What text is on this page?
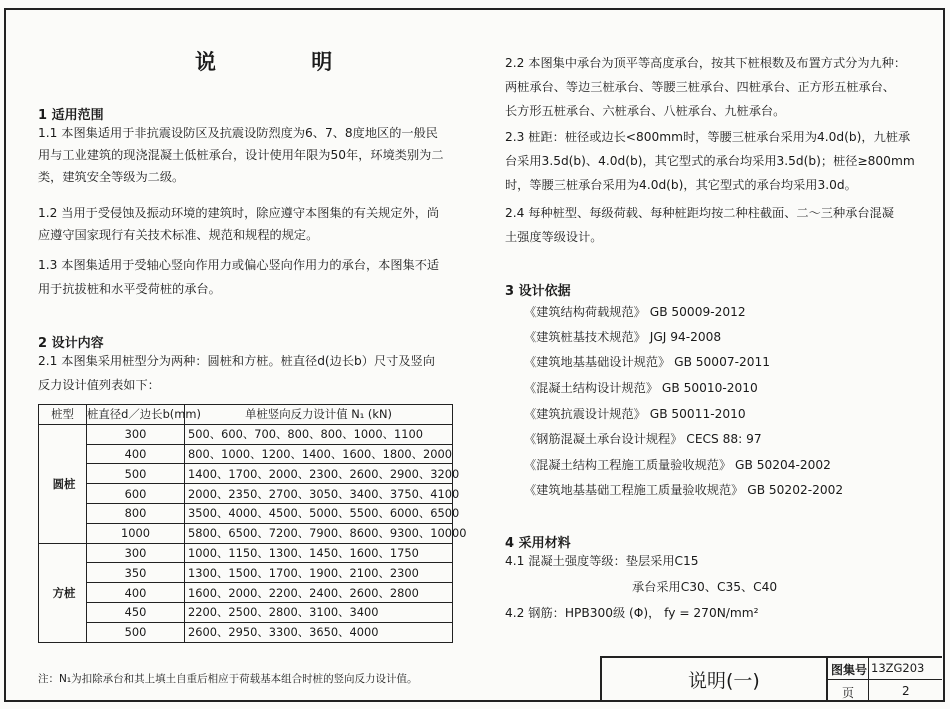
说 明
1 适用范围
1.1 本图集适用于非抗震设防区及抗震设防烈度为6、7、8度地区的一般民
用与工业建筑的现浇混凝土低桩承台，设计使用年限为50年，环境类别为二
类，建筑安全等级为二级。
1.2 当用于受侵蚀及振动环境的建筑时，除应遵守本图集的有关规定外，尚
应遵守国家现行有关技术标准、规范和规程的规定。
1.3 本图集适用于受轴心竖向作用力或偏心竖向作用力的承台，本图集不适
用于抗拔桩和水平受荷桩的承台。
2 设计内容
2.1 本图集采用桩型分为两种：圆桩和方桩。桩直径d(边长b）尺寸及竖向
反力设计值列表如下：
桩型	桩直径d／边长b(mm)	单桩竖向反力设计值 N₁ (kN)
圆桩	300	500、600、700、800、800、1000、1100
	400	800、1000、1200、1400、1600、1800、2000
	500	1400、1700、2000、2300、2600、2900、3200
	600	2000、2350、2700、3050、3400、3750、4100
	800	3500、4000、4500、5000、5500、6000、6500
	1000	5800、6500、7200、7900、8600、9300、10000
方桩	300	1000、1150、1300、1450、1600、1750
	350	1300、1500、1700、1900、2100、2300
	400	1600、2000、2200、2400、2600、2800
	450	2200、2500、2800、3100、3400
	500	2600、2950、3300、3650、4000
注：N₁为扣除承台和其上填土自重后相应于荷载基本组合时桩的竖向反力设计值。
2.2 本图集中承台为顶平等高度承台，按其下桩根数及布置方式分为九种：
两桩承台、等边三桩承台、等腰三桩承台、四桩承台、正方形五桩承台、
长方形五桩承台、六桩承台、八桩承台、九桩承台。
2.3 桩距：桩径或边长<800mm时，等腰三桩承台采用为4.0d(b)，九桩承
台采用3.5d(b)、4.0d(b)，其它型式的承台均采用3.5d(b)；桩径≥800mm
时，等腰三桩承台采用为4.0d(b)，其它型式的承台均采用3.0d。
2.4 每种桩型、每级荷载、每种桩距均按二种柱截面、二～三种承台混凝
土强度等级设计。
3 设计依据
《建筑结构荷载规范》 GB 50009-2012
《建筑桩基技术规范》 JGJ 94-2008
《建筑地基基础设计规范》 GB 50007-2011
《混凝土结构设计规范》 GB 50010-2010
《建筑抗震设计规范》 GB 50011-2010
《钢筋混凝土承台设计规程》 CECS 88: 97
《混凝土结构工程施工质量验收规范》 GB 50204-2002
《建筑地基基础工程施工质量验收规范》 GB 50202-2002
4 采用材料
4.1 混凝土强度等级：垫层采用C15
承台采用C30、C35、C40
4.2 钢筋：HPB300级 (Φ)， fy = 270N/mm²
说明(一)	图集号 13ZG203
页	2
